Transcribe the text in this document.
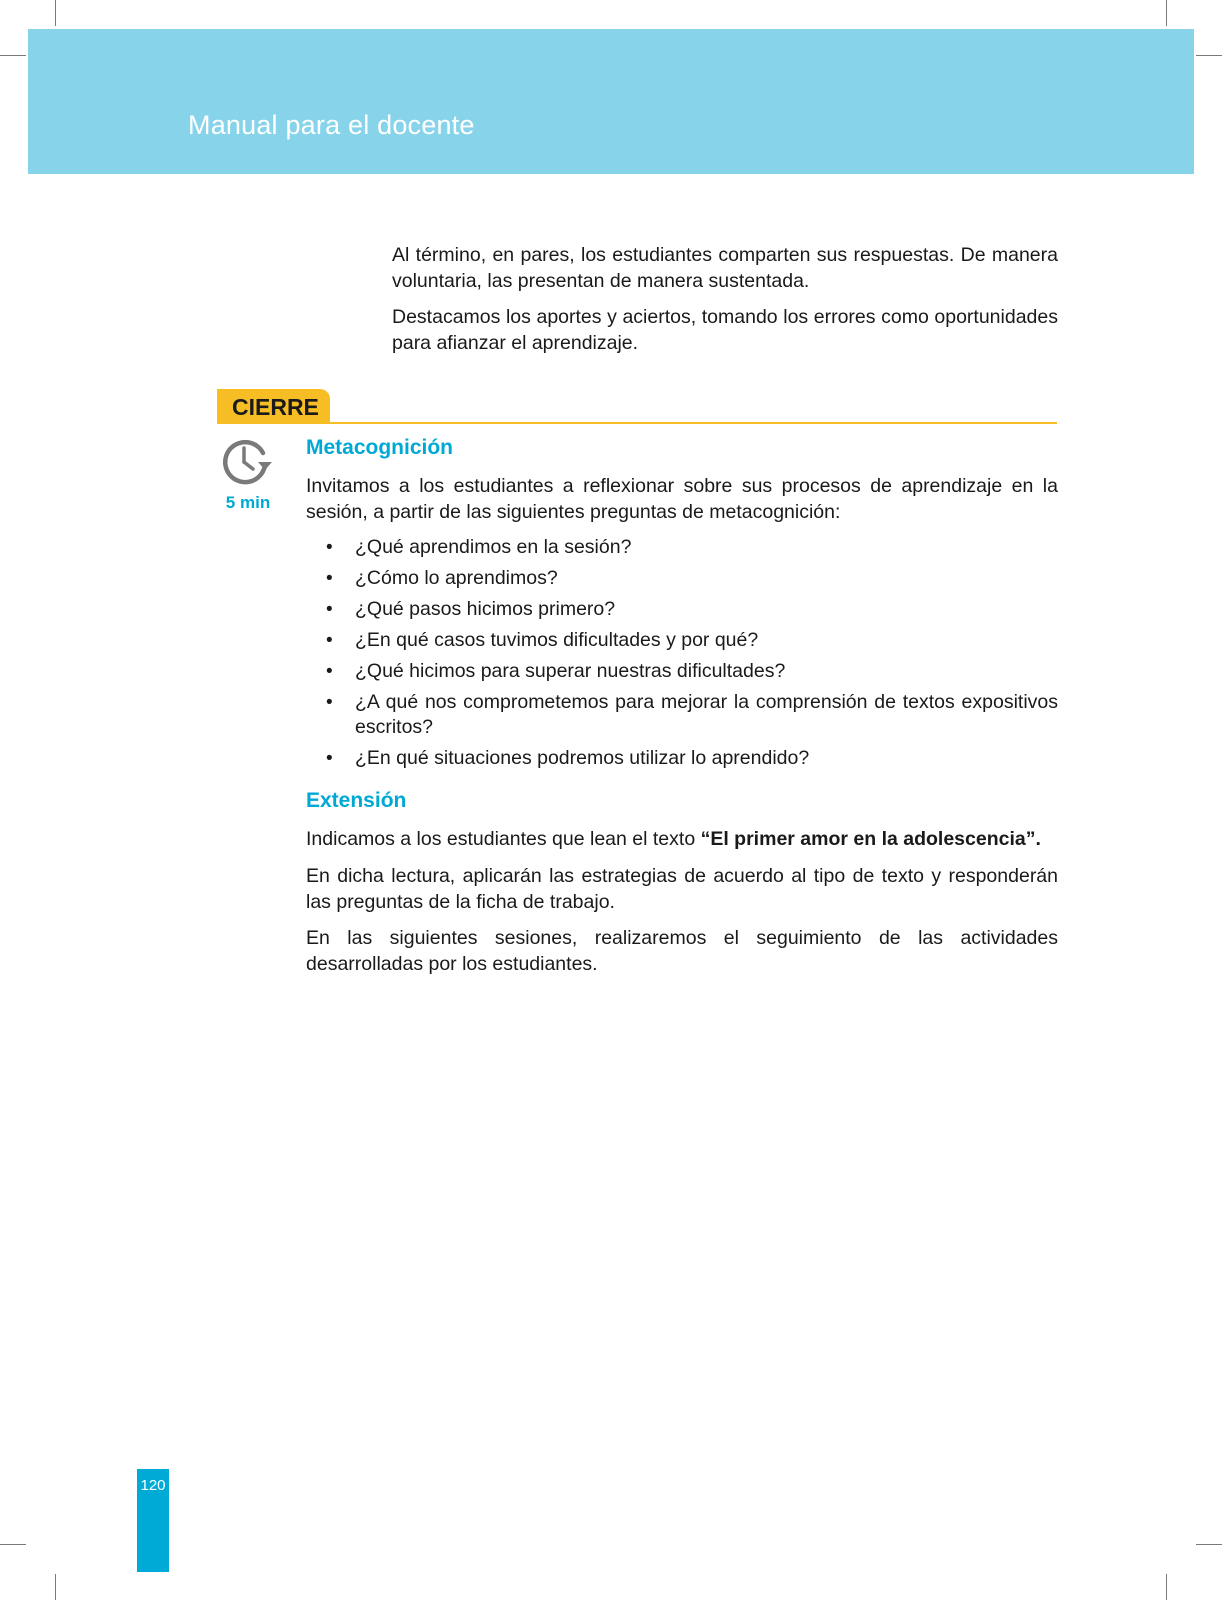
Manual para el docente

Al término, en pares, los estudiantes comparten sus respuestas. De manera voluntaria, las presentan de manera sustentada.

Destacamos los aportes y aciertos, tomando los errores como oportunidades para afianzar el aprendizaje.

CIERRE
5 min
Metacognición

Invitamos a los estudiantes a reflexionar sobre sus procesos de aprendizaje en la sesión, a partir de las siguientes preguntas de metacognición:

• ¿Qué aprendimos en la sesión?
• ¿Cómo lo aprendimos?
• ¿Qué pasos hicimos primero?
• ¿En qué casos tuvimos dificultades y por qué?
• ¿Qué hicimos para superar nuestras dificultades?
• ¿A qué nos comprometemos para mejorar la comprensión de textos expositivos escritos?
• ¿En qué situaciones podremos utilizar lo aprendido?
Extensión

Indicamos a los estudiantes que lean el texto “El primer amor en la adolescencia”.

En dicha lectura, aplicarán las estrategias de acuerdo al tipo de texto y responderán las preguntas de la ficha de trabajo.

En las siguientes sesiones, realizaremos el seguimiento de las actividades desarrolladas por los estudiantes.

120
